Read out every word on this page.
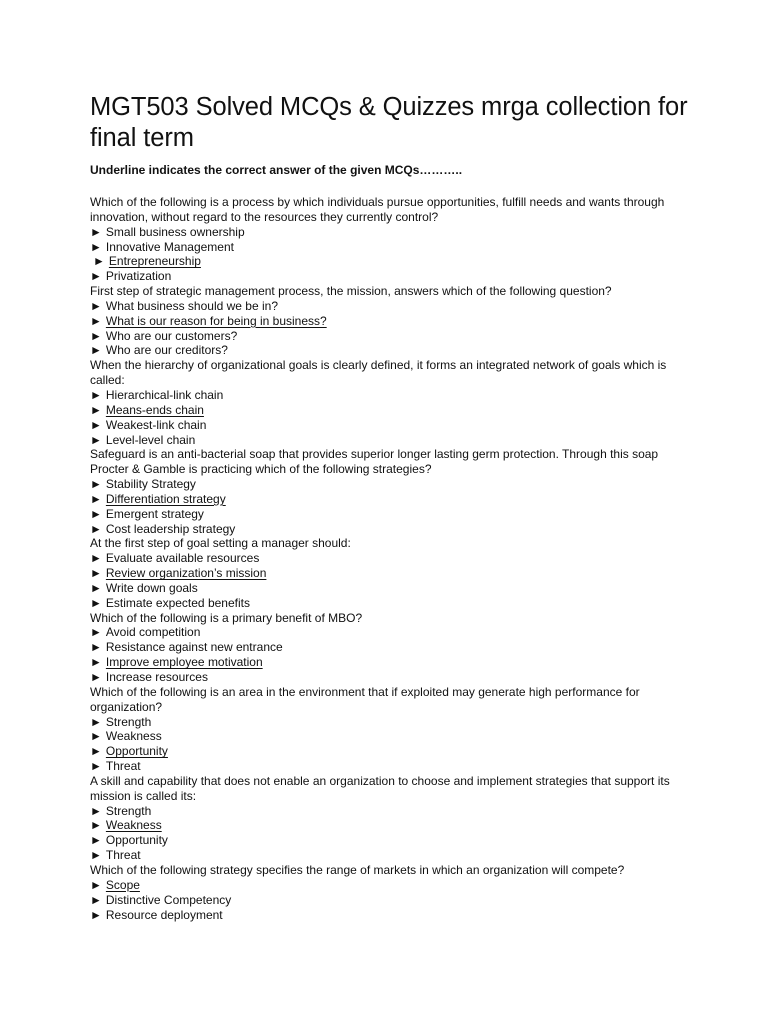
MGT503 Solved MCQs & Quizzes mrga collection for final term
Underline indicates the correct answer of the given MCQs………..
Which of the following is a process by which individuals pursue opportunities, fulfill needs and wants through innovation, without regard to the resources they currently control?
► Small business ownership
► Innovative Management
► Entrepreneurship
► Privatization
First step of strategic management process, the mission, answers which of the following question?
► What business should we be in?
► What is our reason for being in business?
► Who are our customers?
► Who are our creditors?
When the hierarchy of organizational goals is clearly defined, it forms an integrated network of goals which is called:
► Hierarchical-link chain
► Means-ends chain
► Weakest-link chain
► Level-level chain
Safeguard is an anti-bacterial soap that provides superior longer lasting germ protection. Through this soap Procter & Gamble is practicing which of the following strategies?
► Stability Strategy
► Differentiation strategy
► Emergent strategy
► Cost leadership strategy
At the first step of goal setting a manager should:
► Evaluate available resources
► Review organization’s mission
► Write down goals
► Estimate expected benefits
Which of the following is a primary benefit of MBO?
► Avoid competition
► Resistance against new entrance
► Improve employee motivation
► Increase resources
Which of the following is an area in the environment that if exploited may generate high performance for organization?
► Strength
► Weakness
► Opportunity
► Threat
A skill and capability that does not enable an organization to choose and implement strategies that support its mission is called its:
► Strength
► Weakness
► Opportunity
► Threat
Which of the following strategy specifies the range of markets in which an organization will compete?
► Scope
► Distinctive Competency
► Resource deployment
